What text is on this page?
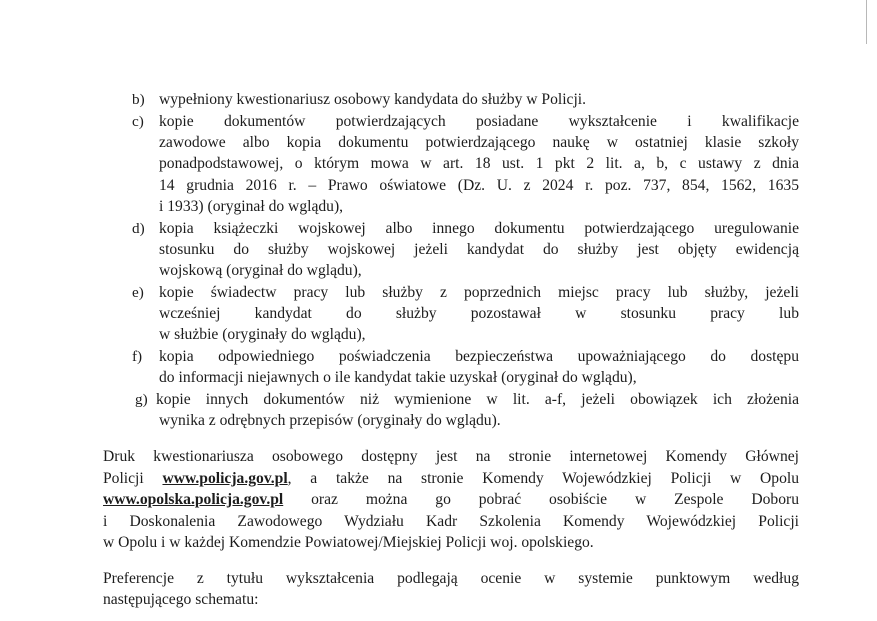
b) wypełniony kwestionariusz osobowy kandydata do służby w Policji.
c) kopie dokumentów potwierdzających posiadane wykształcenie i kwalifikacje
zawodowe albo kopia dokumentu potwierdzającego naukę w ostatniej klasie szkoły
ponadpodstawowej, o którym mowa w art. 18 ust. 1 pkt 2 lit. a, b, c ustawy z dnia
14 grudnia 2016 r. – Prawo oświatowe (Dz. U. z 2024 r. poz. 737, 854, 1562, 1635
i 1933) (oryginał do wglądu),
d) kopia książeczki wojskowej albo innego dokumentu potwierdzającego uregulowanie
stosunku do służby wojskowej jeżeli kandydat do służby jest objęty ewidencją
wojskową (oryginał do wglądu),
e) kopie świadectw pracy lub służby z poprzednich miejsc pracy lub służby, jeżeli
wcześniej kandydat do służby pozostawał w stosunku pracy lub
w służbie (oryginały do wglądu),
f) kopia odpowiedniego poświadczenia bezpieczeństwa upoważniającego do dostępu
do informacji niejawnych o ile kandydat takie uzyskał (oryginał do wglądu),
g) kopie innych dokumentów niż wymienione w lit. a-f, jeżeli obowiązek ich złożenia
wynika z odrębnych przepisów (oryginały do wglądu).
Druk kwestionariusza osobowego dostępny jest na stronie internetowej Komendy Głównej
Policji www.policja.gov.pl, a także na stronie Komendy Wojewódzkiej Policji w Opolu
www.opolska.policja.gov.pl oraz można go pobrać osobiście w Zespole Doboru
i Doskonalenia Zawodowego Wydziału Kadr Szkolenia Komendy Wojewódzkiej Policji
w Opolu i w każdej Komendzie Powiatowej/Miejskiej Policji woj. opolskiego.
Preferencje z tytułu wykształcenia podlegają ocenie w systemie punktowym według
następującego schematu:
